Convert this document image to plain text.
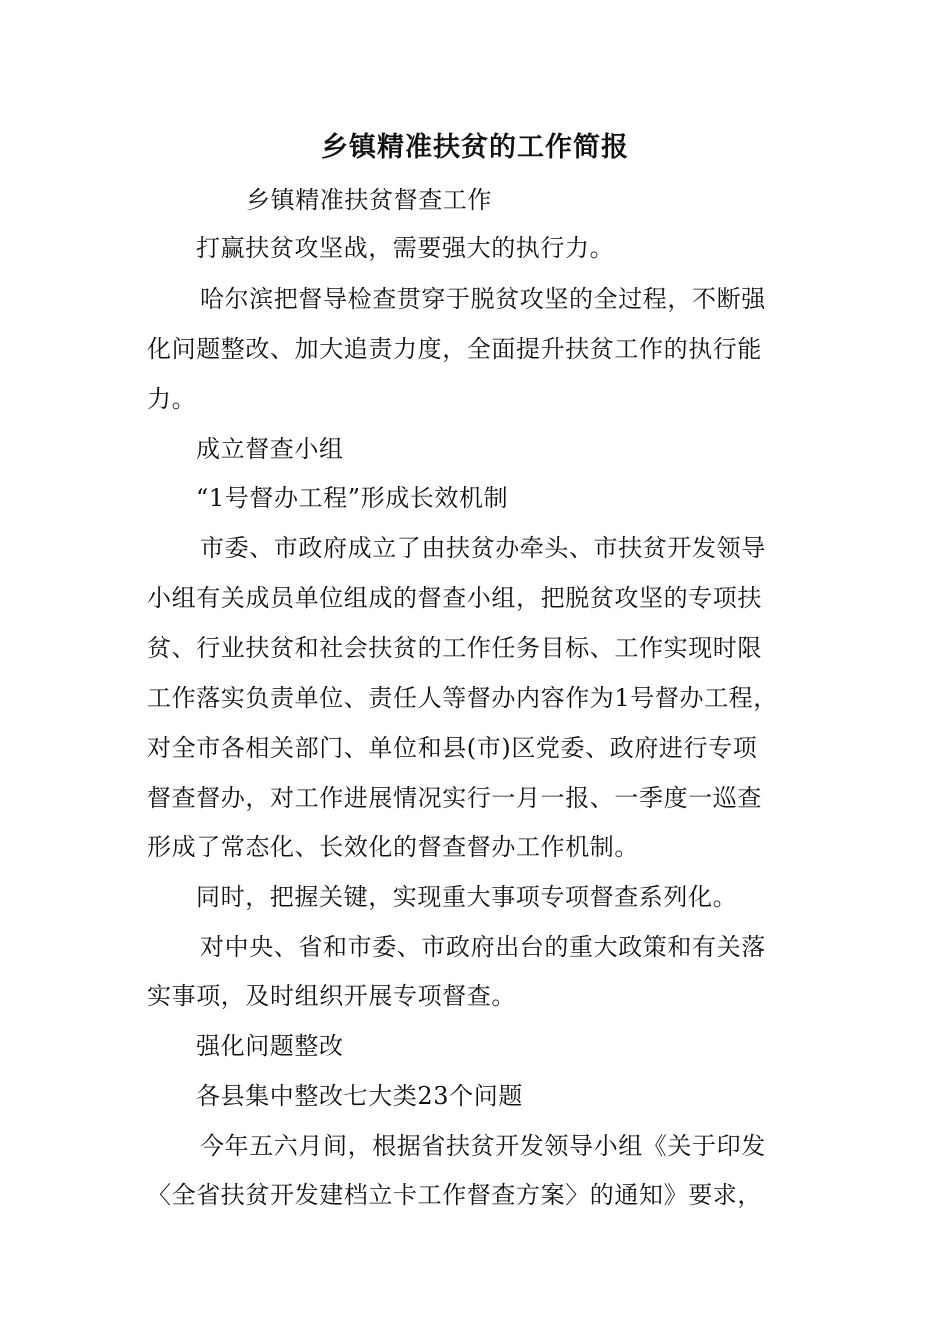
乡镇精准扶贫的工作简报
乡镇精准扶贫督查工作
打赢扶贫攻坚战，需要强大的执行力。
哈尔滨把督导检查贯穿于脱贫攻坚的全过程，不断强
化问题整改、加大追责力度，全面提升扶贫工作的执行能
力。
成立督查小组
“1号督办工程”形成长效机制
市委、市政府成立了由扶贫办牵头、市扶贫开发领导
小组有关成员单位组成的督查小组，把脱贫攻坚的专项扶
贫、行业扶贫和社会扶贫的工作任务目标、工作实现时限
工作落实负责单位、责任人等督办内容作为1号督办工程，
对全市各相关部门、单位和县(市)区党委、政府进行专项
督查督办，对工作进展情况实行一月一报、一季度一巡查
形成了常态化、长效化的督查督办工作机制。
同时，把握关键，实现重大事项专项督查系列化。
对中央、省和市委、市政府出台的重大政策和有关落
实事项，及时组织开展专项督查。
强化问题整改
各县集中整改七大类23个问题
今年五六月间，根据省扶贫开发领导小组《关于印发
〈全省扶贫开发建档立卡工作督查方案〉的通知》要求，
